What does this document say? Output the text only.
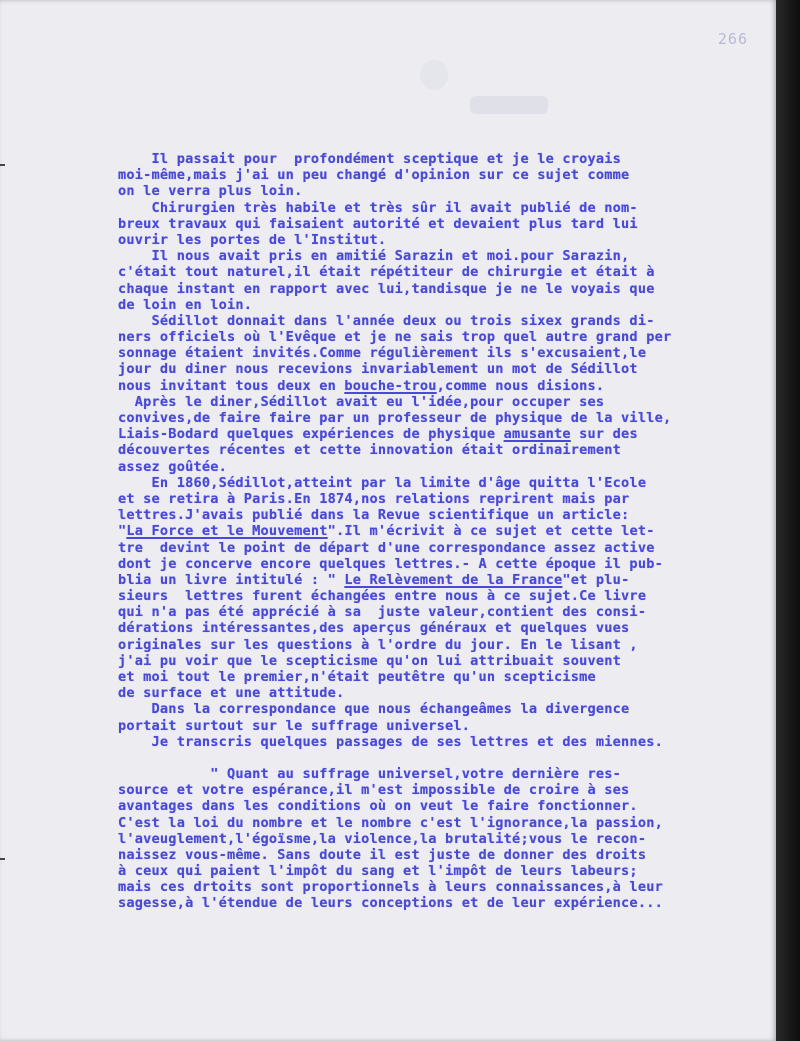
266
Il passait pour  profondément sceptique et je le croyais
moi-même,mais j'ai un peu changé d'opinion sur ce sujet comme
on le verra plus loin.
Chirurgien très habile et très sûr il avait publié de nom-
breux travaux qui faisaient autorité et devaient plus tard lui
ouvrir les portes de l'Institut.
Il nous avait pris en amitié Sarazin et moi.pour Sarazin,
c'était tout naturel,il était répétiteur de chirurgie et était à
chaque instant en rapport avec lui,tandisque je ne le voyais que
de loin en loin.
Sédillot donnait dans l'année deux ou trois sixex grands di-
ners officiels où l'Evêque et je ne sais trop quel autre grand per
sonnage étaient invités.Comme régulièrement ils s'excusaient,le
jour du diner nous recevions invariablement un mot de Sédillot
nous invitant tous deux en bouche-trou,comme nous disions.
Après le diner,Sédillot avait eu l'idée,pour occuper ses
convives,de faire faire par un professeur de physique de la ville,
Liais-Bodard quelques expériences de physique amusante sur des
découvertes récentes et cette innovation était ordinairement
assez goûtée.
En 1860,Sédillot,atteint par la limite d'âge quitta l'Ecole
et se retira à Paris.En 1874,nos relations reprirent mais par
lettres.J'avais publié dans la Revue scientifique un article:
"La Force et le Mouvement".Il m'écrivit à ce sujet et cette let-
tre  devint le point de départ d'une correspondance assez active
dont je concerve encore quelques lettres.- A cette époque il pub-
blia un livre intitulé : " Le Relèvement de la France"et plu-
sieurs  lettres furent échangées entre nous à ce sujet.Ce livre
qui n'a pas été apprécié à sa  juste valeur,contient des consi-
dérations intéressantes,des aperçus généraux et quelques vues
originales sur les questions à l'ordre du jour. En le lisant ,
j'ai pu voir que le scepticisme qu'on lui attribuait souvent
et moi tout le premier,n'était peutêtre qu'un scepticisme
de surface et une attitude.
Dans la correspondance que nous échangeâmes la divergence
portait surtout sur le suffrage universel.
Je transcris quelques passages de ses lettres et des miennes.
" Quant au suffrage universel,votre dernière res-
source et votre espérance,il m'est impossible de croire à ses
avantages dans les conditions où on veut le faire fonctionner.
C'est la loi du nombre et le nombre c'est l'ignorance,la passion,
l'aveuglement,l'égoïsme,la violence,la brutalité;vous le recon-
naissez vous-même. Sans doute il est juste de donner des droits
à ceux qui paient l'impôt du sang et l'impôt de leurs labeurs;
mais ces drtoits sont proportionnels à leurs connaissances,à leur
sagesse,à l'étendue de leurs conceptions et de leur expérience...
